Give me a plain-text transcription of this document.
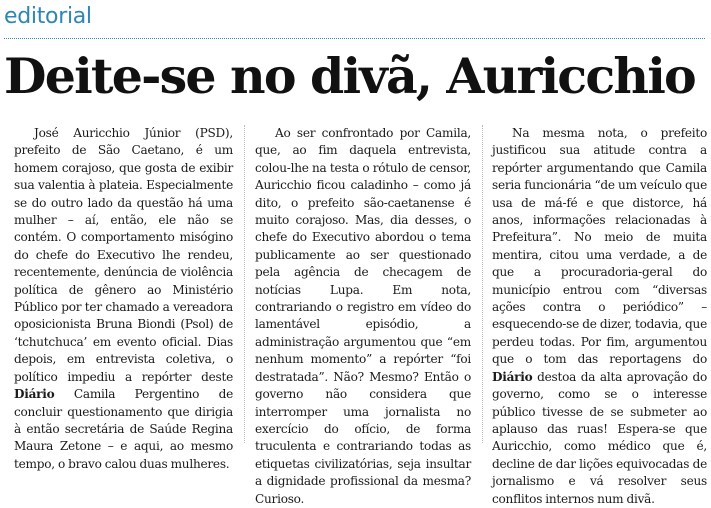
editorial
Deite-se no divã, Auricchio

José Auricchio Júnior (PSD), prefeito de São Caetano, é um homem corajoso, que gosta de exibir sua valentia à plateia. Especialmente se do outro lado da questão há uma mulher – aí, então, ele não se contém. O comportamento misógino do chefe do Executivo lhe rendeu, recentemente, denúncia de violência política de gênero ao Ministério Público por ter chamado a vereadora oposicionista Bruna Biondi (Psol) de ‘tchutchuca’ em evento oficial. Dias depois, em entrevista coletiva, o político impediu a repórter deste Diário Camila Pergentino de concluir questionamento que dirigia à então secretária de Saúde Regina Maura Zetone – e aqui, ao mesmo tempo, o bravo calou duas mulheres.

Ao ser confrontado por Camila, que, ao fim daquela entrevista, colou-lhe na testa o rótulo de censor, Auricchio ficou caladinho – como já dito, o prefeito são-caetanense é muito corajoso. Mas, dia desses, o chefe do Executivo abordou o tema publicamente ao ser questionado pela agência de checagem de notícias Lupa. Em nota, contrariando o registro em vídeo do lamentável episódio, a administração argumentou que “em nenhum momento” a repórter “foi destratada”. Não? Mesmo? Então o governo não considera que interromper uma jornalista no exercício do ofício, de forma truculenta e contrariando todas as etiquetas civilizatórias, seja insultar a dignidade profissional da mesma? Curioso.

Na mesma nota, o prefeito justificou sua atitude contra a repórter argumentando que Camila seria funcionária “de um veículo que usa de má-fé e que distorce, há anos, informações relacionadas à Prefeitura”. No meio de muita mentira, citou uma verdade, a de que a procuradoria-geral do município entrou com “diversas ações contra o periódico” – esquecendo-se de dizer, todavia, que perdeu todas. Por fim, argumentou que o tom das reportagens do Diário destoa da alta aprovação do governo, como se o interesse público tivesse de se submeter ao aplauso das ruas! Espera-se que Auricchio, como médico que é, decline de dar lições equivocadas de jornalismo e vá resolver seus conflitos internos num divã.
